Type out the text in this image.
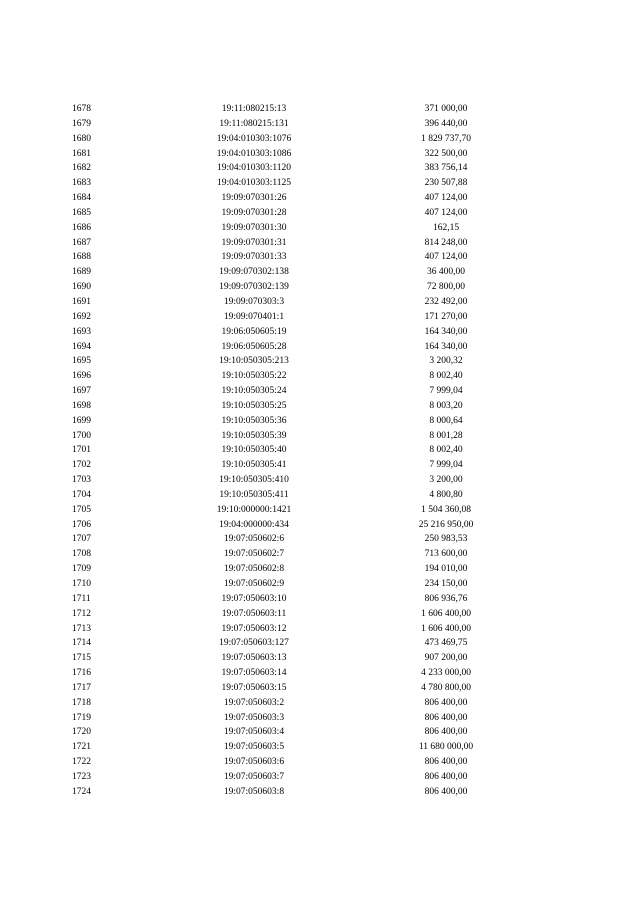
1678	19:11:080215:13	371 000,00	
1679	19:11:080215:131	396 440,00	
1680	19:04:010303:1076	1 829 737,70	
1681	19:04:010303:1086	322 500,00	
1682	19:04:010303:1120	383 756,14	
1683	19:04:010303:1125	230 507,88	
1684	19:09:070301:26	407 124,00	
1685	19:09:070301:28	407 124,00	
1686	19:09:070301:30	162,15	
1687	19:09:070301:31	814 248,00	
1688	19:09:070301:33	407 124,00	
1689	19:09:070302:138	36 400,00	
1690	19:09:070302:139	72 800,00	
1691	19:09:070303:3	232 492,00	
1692	19:09:070401:1	171 270,00	
1693	19:06:050605:19	164 340,00	
1694	19:06:050605:28	164 340,00	
1695	19:10:050305:213	3 200,32	
1696	19:10:050305:22	8 002,40	
1697	19:10:050305:24	7 999,04	
1698	19:10:050305:25	8 003,20	
1699	19:10:050305:36	8 000,64	
1700	19:10:050305:39	8 001,28	
1701	19:10:050305:40	8 002,40	
1702	19:10:050305:41	7 999,04	
1703	19:10:050305:410	3 200,00	
1704	19:10:050305:411	4 800,80	
1705	19:10:000000:1421	1 504 360,08	
1706	19:04:000000:434	25 216 950,00	
1707	19:07:050602:6	250 983,53	
1708	19:07:050602:7	713 600,00	
1709	19:07:050602:8	194 010,00	
1710	19:07:050602:9	234 150,00	
1711	19:07:050603:10	806 936,76	
1712	19:07:050603:11	1 606 400,00	
1713	19:07:050603:12	1 606 400,00	
1714	19:07:050603:127	473 469,75	
1715	19:07:050603:13	907 200,00	
1716	19:07:050603:14	4 233 000,00	
1717	19:07:050603:15	4 780 800,00	
1718	19:07:050603:2	806 400,00	
1719	19:07:050603:3	806 400,00	
1720	19:07:050603:4	806 400,00	
1721	19:07:050603:5	11 680 000,00	
1722	19:07:050603:6	806 400,00	
1723	19:07:050603:7	806 400,00	
1724	19:07:050603:8	806 400,00	
